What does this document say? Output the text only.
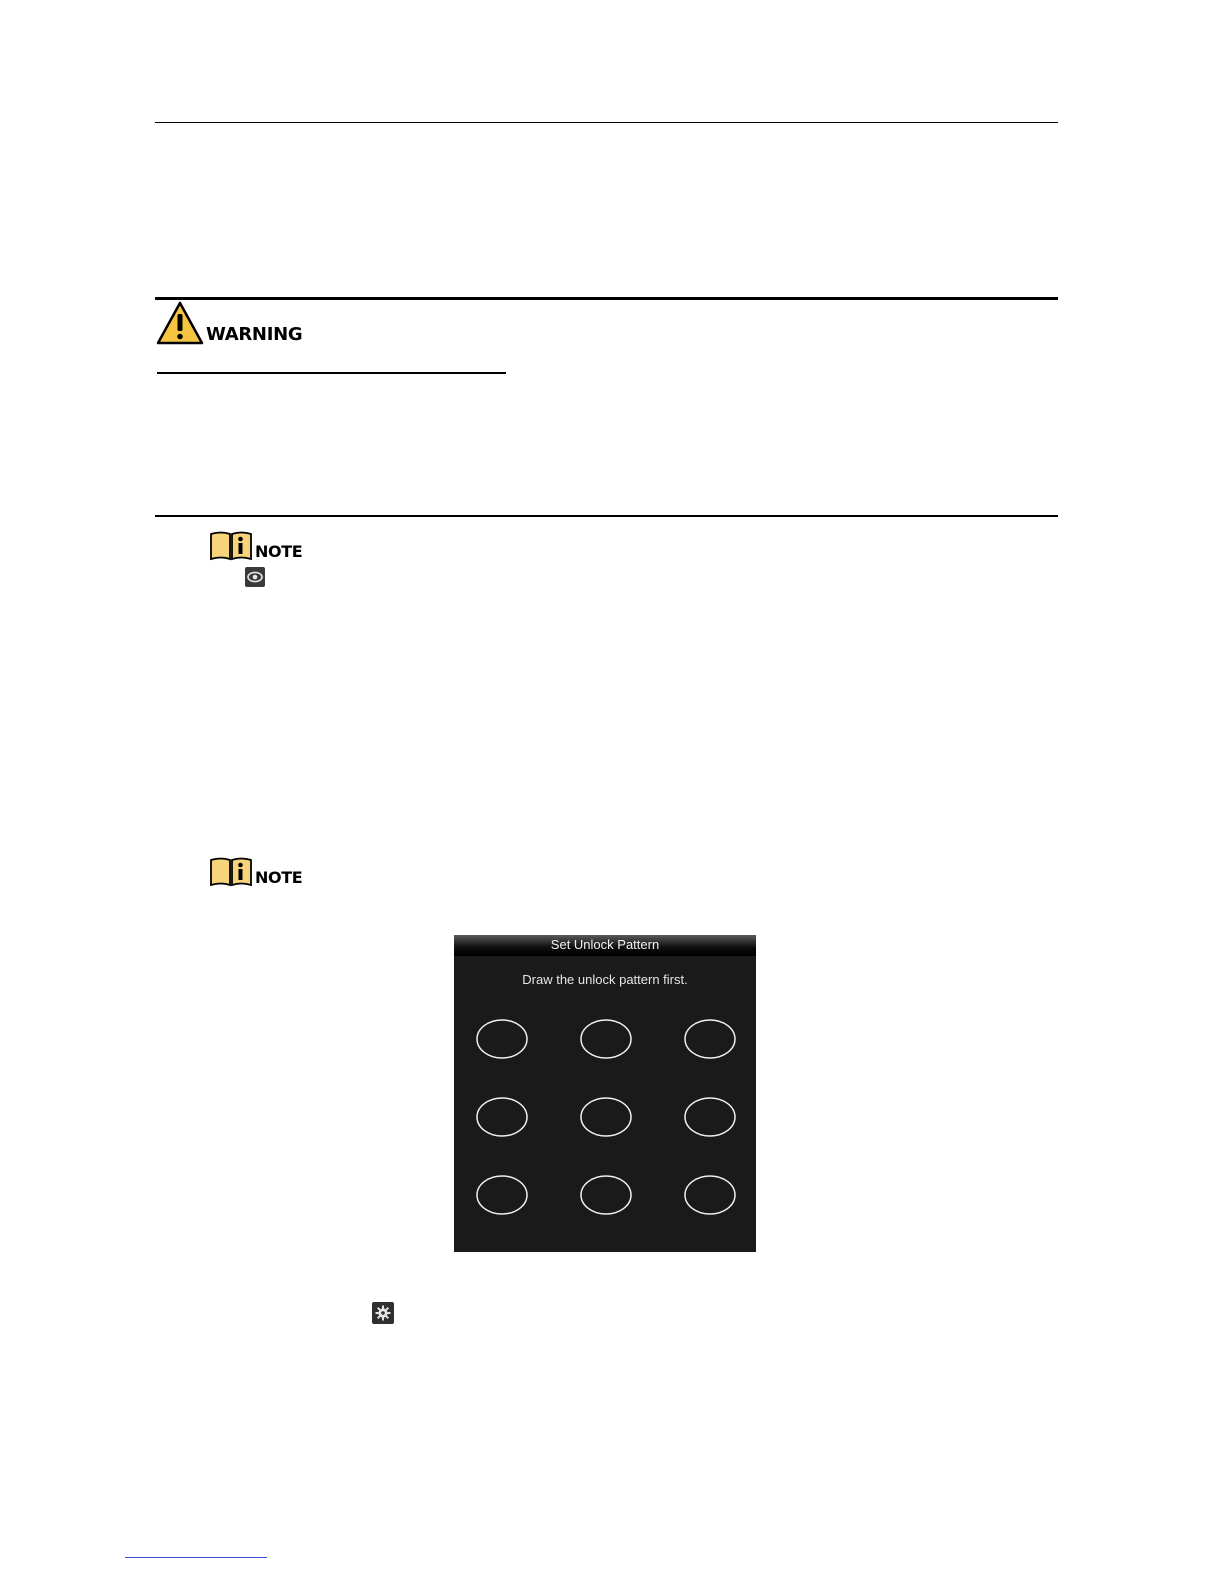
WARNING
NOTE
NOTE
Set Unlock Pattern
Draw the unlock pattern first.
